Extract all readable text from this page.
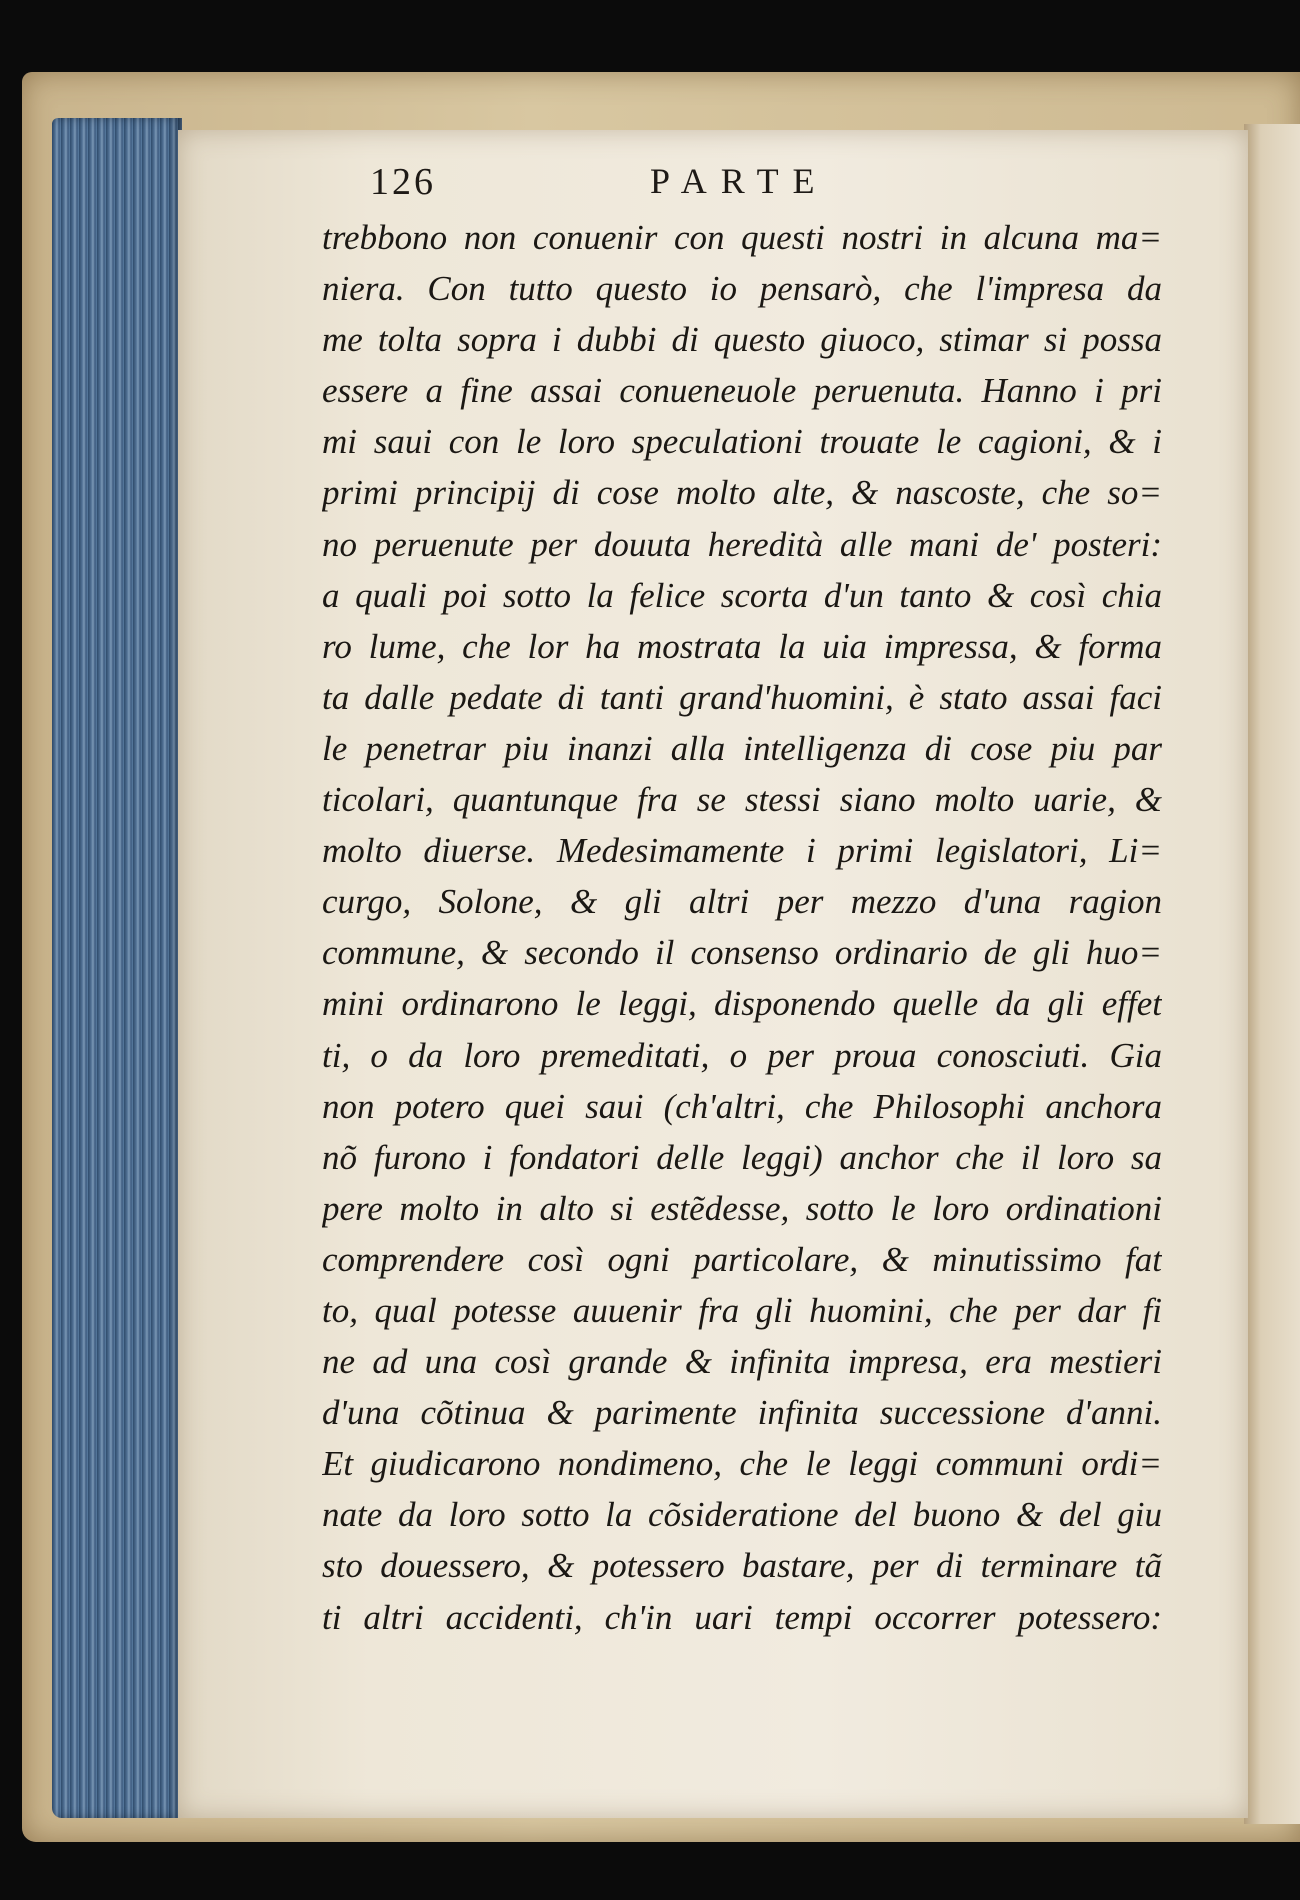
126	PARTE
trebbono non conuenir con questi nostri in alcuna ma=
niera. Con tutto questo io pensarò, che l'impresa da
me tolta sopra i dubbi di questo giuoco, stimar si possa
essere a fine assai conueneuole peruenuta. Hanno i pri
mi saui con le loro speculationi trouate le cagioni, & i
primi principij di cose molto alte, & nascoste, che so=
no peruenute per douuta heredità alle mani de' posteri:
a quali poi sotto la felice scorta d'un tanto & così chia
ro lume, che lor ha mostrata la uia impressa, & forma
ta dalle pedate di tanti grand'huomini, è stato assai faci
le penetrar piu inanzi alla intelligenza di cose piu par
ticolari, quantunque fra se stessi siano molto uarie, &
molto diuerse. Medesimamente i primi legislatori, Li=
curgo, Solone, & gli altri per mezzo d'una ragion
commune, & secondo il consenso ordinario de gli huo=
mini ordinarono le leggi, disponendo quelle da gli effet
ti, o da loro premeditati, o per proua conosciuti. Gia
non potero quei saui (ch'altri, che Philosophi anchora
nõ furono i fondatori delle leggi) anchor che il loro sa
pere molto in alto si estẽdesse, sotto le loro ordinationi
comprendere così ogni particolare, & minutissimo fat
to, qual potesse auuenir fra gli huomini, che per dar fi
ne ad una così grande & infinita impresa, era mestieri
d'una cõtinua & parimente infinita successione d'anni.
Et giudicarono nondimeno, che le leggi communi ordi=
nate da loro sotto la cõsideratione del buono & del giu
sto douessero, & potessero bastare, per di terminare tã
ti altri accidenti, ch'in uari tempi occorrer potessero:
